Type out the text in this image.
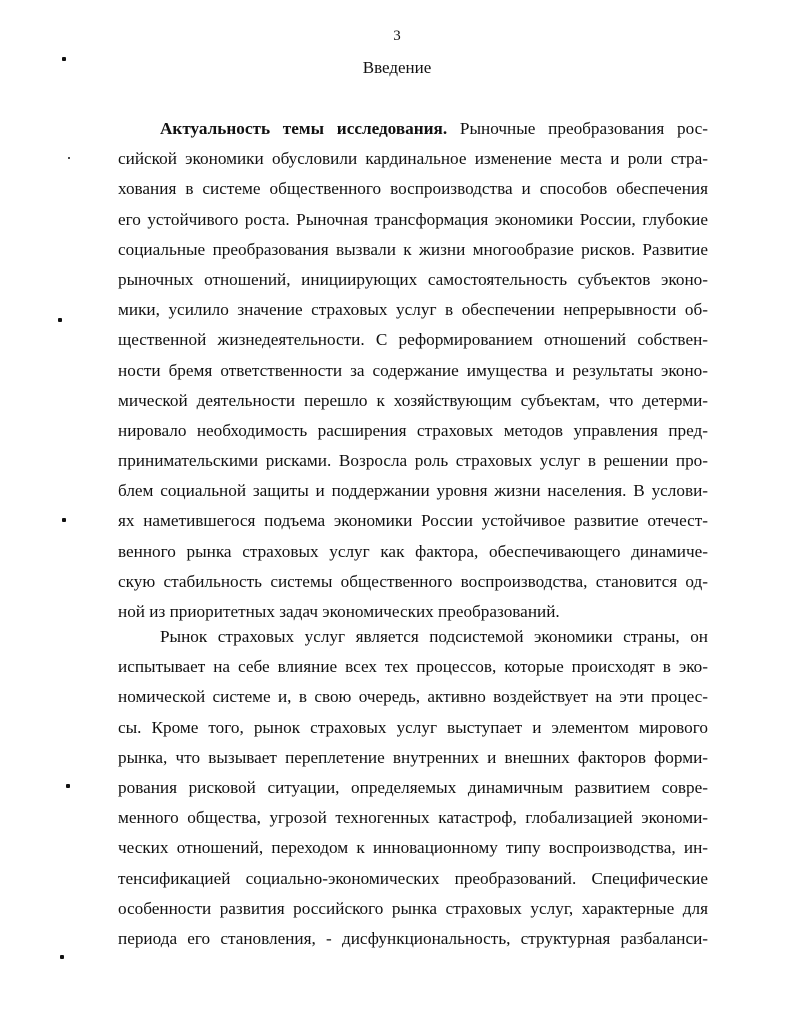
3
Введение
Актуальность темы исследования. Рыночные преобразования рос-
сийской экономики обусловили кардинальное изменение места и роли стра-
хования в системе общественного воспроизводства и способов обеспечения
его устойчивого роста. Рыночная трансформация экономики России, глубокие
социальные преобразования вызвали к жизни многообразие рисков. Развитие
рыночных отношений, инициирующих самостоятельность субъектов эконо-
мики, усилило значение страховых услуг в обеспечении непрерывности об-
щественной жизнедеятельности. С реформированием отношений собствен-
ности бремя ответственности за содержание имущества и результаты эконо-
мической деятельности перешло к хозяйствующим субъектам, что детерми-
нировало необходимость расширения страховых методов управления пред-
принимательскими рисками. Возросла роль страховых услуг в решении про-
блем социальной защиты и поддержании уровня жизни населения. В услови-
ях наметившегося подъема экономики России устойчивое развитие отечест-
венного рынка страховых услуг как фактора, обеспечивающего динамиче-
скую стабильность системы общественного воспроизводства, становится од-
ной из приоритетных задач экономических преобразований.
Рынок страховых услуг является подсистемой экономики страны, он
испытывает на себе влияние всех тех процессов, которые происходят в эко-
номической системе и, в свою очередь, активно воздействует на эти процес-
сы. Кроме того, рынок страховых услуг выступает и элементом мирового
рынка, что вызывает переплетение внутренних и внешних факторов форми-
рования рисковой ситуации, определяемых динамичным развитием совре-
менного общества, угрозой техногенных катастроф, глобализацией экономи-
ческих отношений, переходом к инновационному типу воспроизводства, ин-
тенсификацией социально-экономических преобразований. Специфические
особенности развития российского рынка страховых услуг, характерные для
периода его становления, - дисфункциональность, структурная разбаланси-
